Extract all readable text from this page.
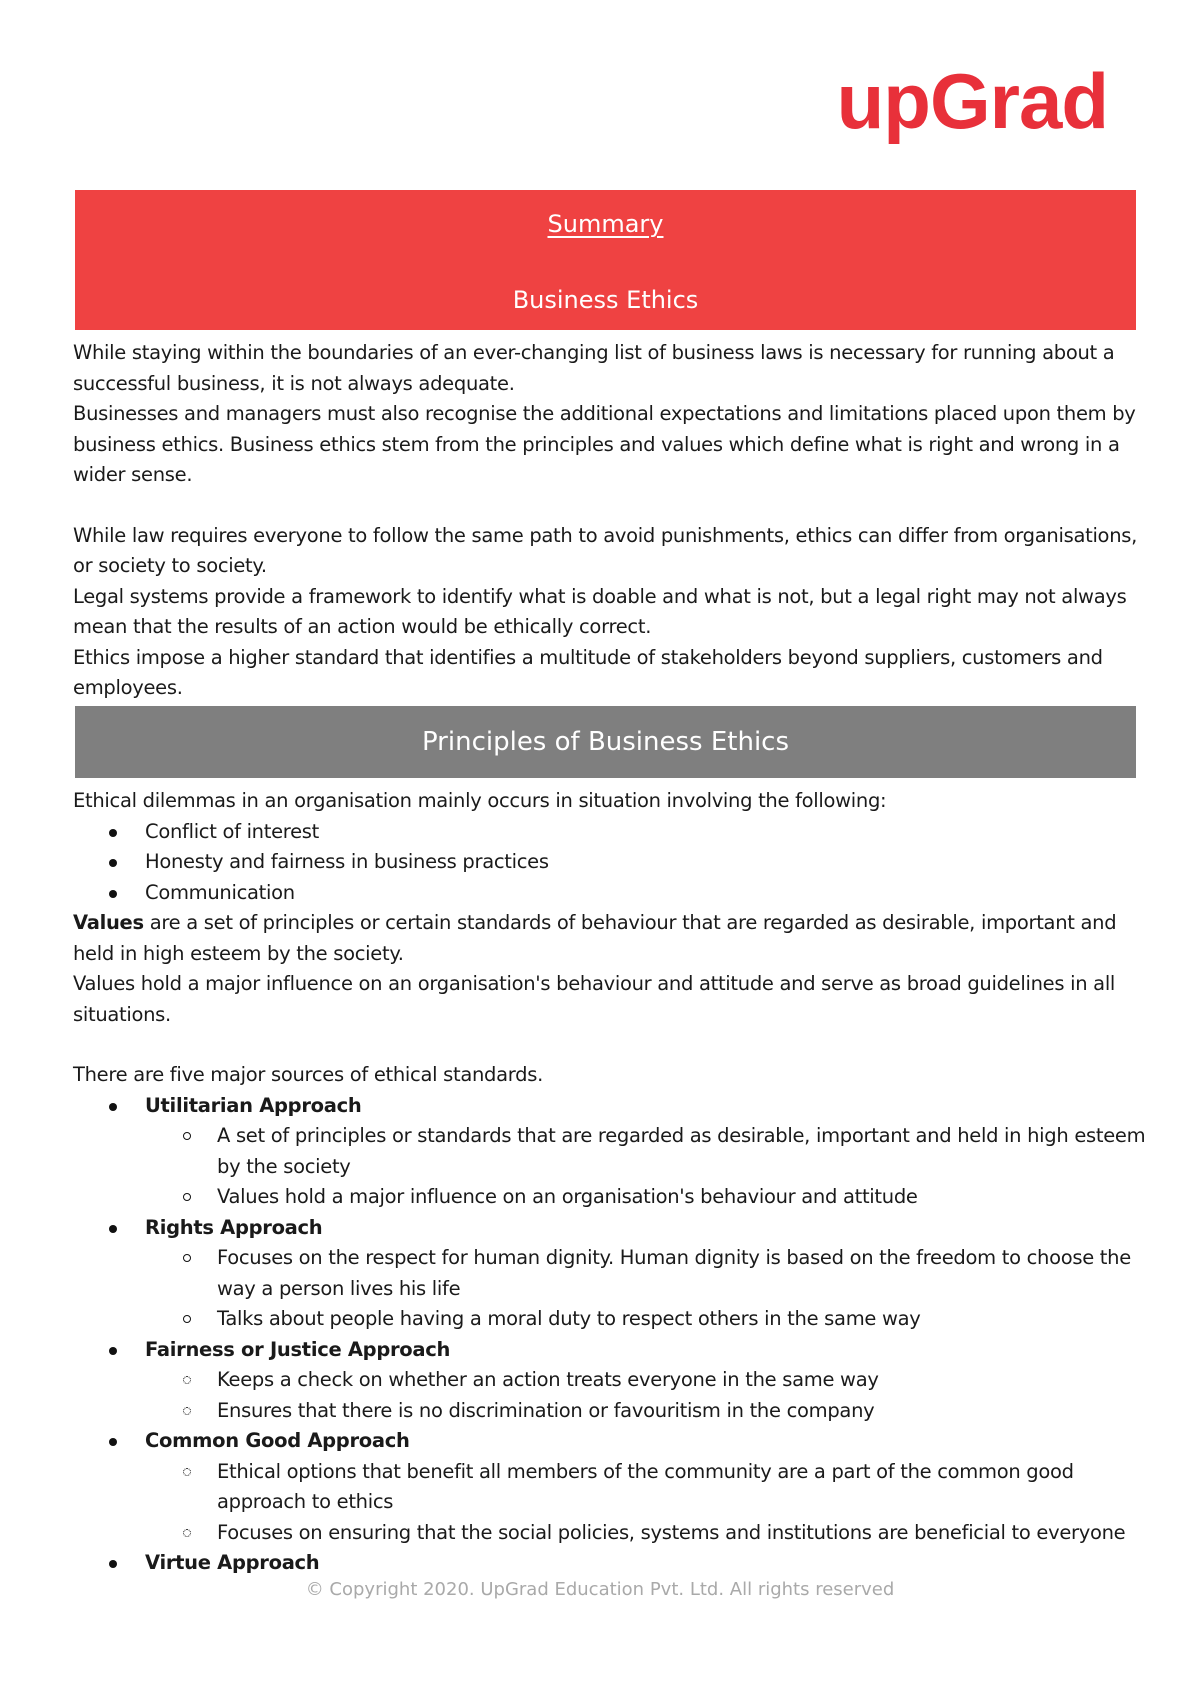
upGrad
Summary
Business Ethics

While staying within the boundaries of an ever-changing list of business laws is necessary for running about a successful business, it is not always adequate.

Businesses and managers must also recognise the additional expectations and limitations placed upon them by business ethics. Business ethics stem from the principles and values which define what is right and wrong in a wider sense.

While law requires everyone to follow the same path to avoid punishments, ethics can differ from organisations, or society to society.

Legal systems provide a framework to identify what is doable and what is not, but a legal right may not always mean that the results of an action would be ethically correct.

Ethics impose a higher standard that identifies a multitude of stakeholders beyond suppliers, customers and employees.

Principles of Business Ethics

Ethical dilemmas in an organisation mainly occurs in situation involving the following:

Conflict of interest
Honesty and fairness in business practices
Communication

Values are a set of principles or certain standards of behaviour that are regarded as desirable, important and held in high esteem by the society.

Values hold a major influence on an organisation's behaviour and attitude and serve as broad guidelines in all situations.

There are five major sources of ethical standards.

Utilitarian Approach
A set of principles or standards that are regarded as desirable, important and held in high esteem by the society
Values hold a major influence on an organisation's behaviour and attitude
Rights Approach
Focuses on the respect for human dignity. Human dignity is based on the freedom to choose the way a person lives his life
Talks about people having a moral duty to respect others in the same way
Fairness or Justice Approach
Keeps a check on whether an action treats everyone in the same way
Ensures that there is no discrimination or favouritism in the company
Common Good Approach
Ethical options that benefit all members of the community are a part of the common good approach to ethics
Focuses on ensuring that the social policies, systems and institutions are beneficial to everyone
Virtue Approach
© Copyright 2020. UpGrad Education Pvt. Ltd. All rights reserved
